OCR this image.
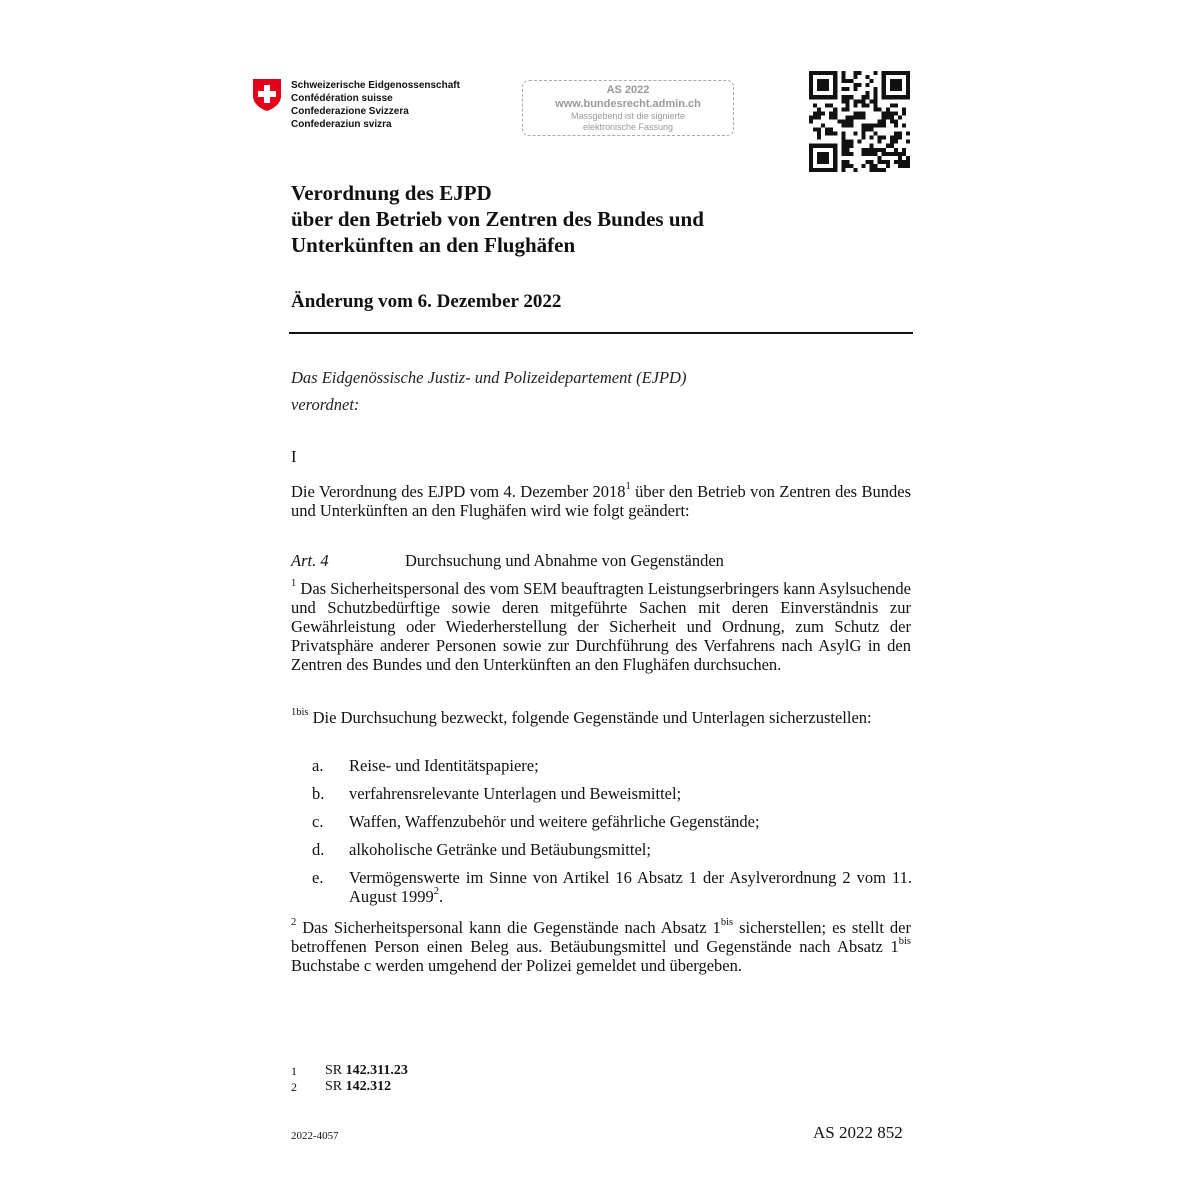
Schweizerische Eidgenossenschaft
Confédération suisse
Confederazione Svizzera
Confederaziun svizra
AS 2022
www.bundesrecht.admin.ch
Massgebend ist die signierte
elektronische Fassung
Verordnung des EJPD
über den Betrieb von Zentren des Bundes und
Unterkünften an den Flughäfen
Änderung vom 6. Dezember 2022
Das Eidgenössische Justiz- und Polizeidepartement (EJPD)
verordnet:
I
Die Verordnung des EJPD vom 4. Dezember 2018$^1$ über den Betrieb von Zentren des Bundes und Unterkünften an den Flughäfen wird wie folgt geändert:
Art. 4	Durchsuchung und Abnahme von Gegenständen
$^1$ Das Sicherheitspersonal des vom SEM beauftragten Leistungserbringers kann Asylsuchende und Schutzbedürftige sowie deren mitgeführte Sachen mit deren Einverständnis zur Gewährleistung oder Wiederherstellung der Sicherheit und Ordnung, zum Schutz der Privatsphäre anderer Personen sowie zur Durchführung des Verfahrens nach AsylG in den Zentren des Bundes und den Unterkünften an den Flughäfen durchsuchen.
$^{1bis}$ Die Durchsuchung bezweckt, folgende Gegenstände und Unterlagen sicherzustellen:
a. Reise- und Identitätspapiere;
b. verfahrensrelevante Unterlagen und Beweismittel;
c. Waffen, Waffenzubehör und weitere gefährliche Gegenstände;
d. alkoholische Getränke und Betäubungsmittel;
e. Vermögenswerte im Sinne von Artikel 16 Absatz 1 der Asylverordnung 2 vom 11. August 1999$^2$.
$^2$ Das Sicherheitspersonal kann die Gegenstände nach Absatz $1^{bis}$ sicherstellen; es stellt der betroffenen Person einen Beleg aus. Betäubungsmittel und Gegenstände nach Absatz $1^{bis}$ Buchstabe c werden umgehend der Polizei gemeldet und übergeben.
1	SR 142.311.23
2	SR 142.312
2022-4057	AS 2022 852
